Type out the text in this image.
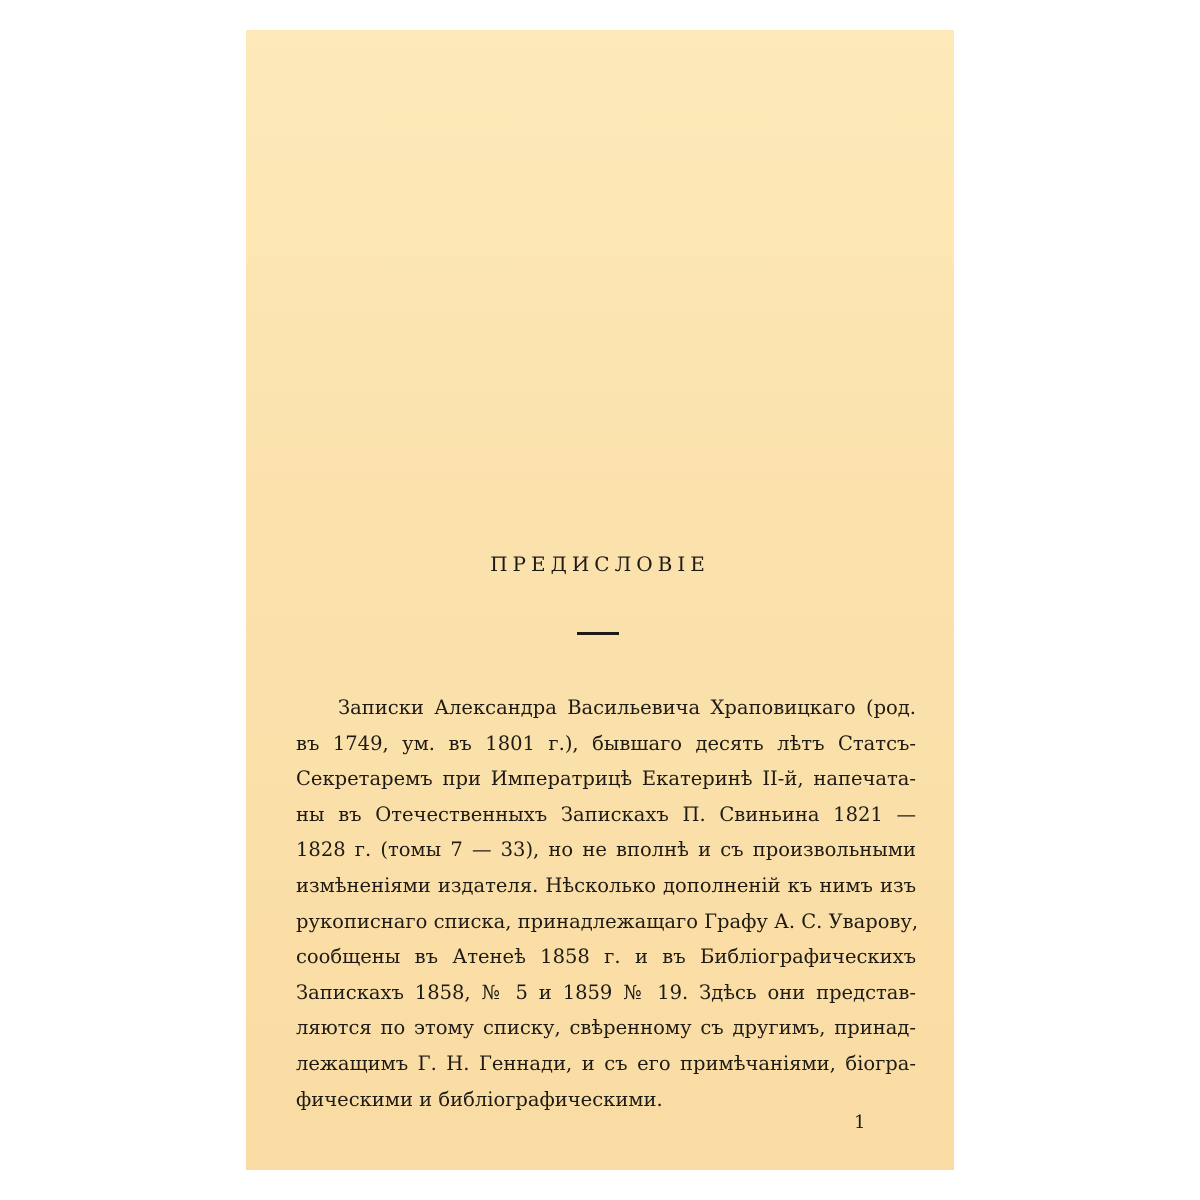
ПРЕДИСЛОВІЕ
Записки Александра Васильевича Храповицкаго (род.
въ 1749, ум. въ 1801 г.), бывшаго десять лѣтъ Статсъ-
Секретаремъ при Императрицѣ Екатеринѣ II-й, напечата-
ны въ Отечественныхъ Запискахъ П. Свиньина 1821 —
1828 г. (томы 7 — 33), но не вполнѣ и съ произвольными
измѣненіями издателя. Нѣсколько дополненій къ нимъ изъ
рукописнаго списка, принадлежащаго Графу А. С. Уварову,
сообщены въ Атенеѣ 1858 г. и въ Библіографическихъ
Запискахъ 1858, № 5 и 1859 № 19. Здѣсь они представ-
ляются по этому списку, свѣренному съ другимъ, принад-
лежащимъ Г. Н. Геннади, и съ его примѣчаніями, біогра-
фическими и библіографическими.
1
